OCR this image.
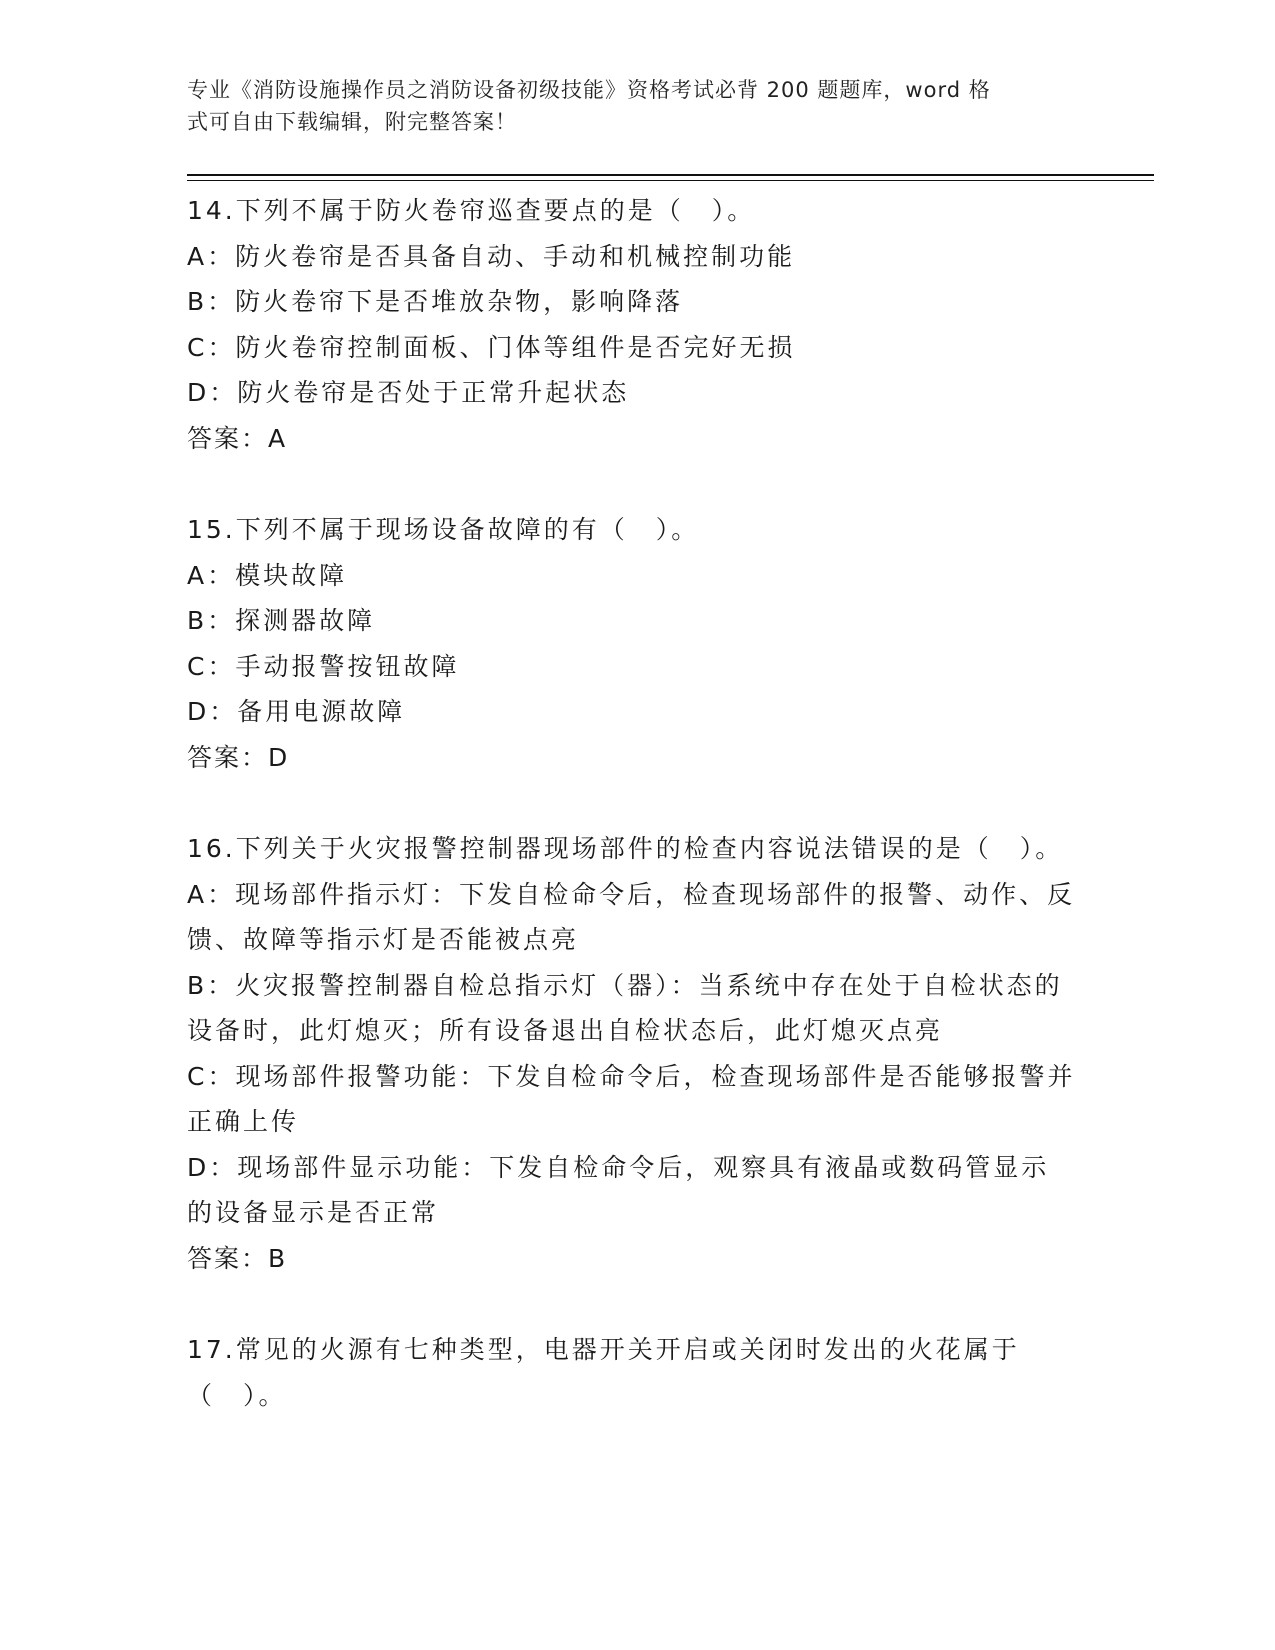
专业《消防设施操作员之消防设备初级技能》资格考试必背 200 题题库，word 格
式可自由下载编辑，附完整答案！

14.下列不属于防火卷帘巡查要点的是（　）。

A：防火卷帘是否具备自动、手动和机械控制功能

B：防火卷帘下是否堆放杂物，影响降落

C：防火卷帘控制面板、门体等组件是否完好无损

D：防火卷帘是否处于正常升起状态

答案：A

15.下列不属于现场设备故障的有（　）。

A：模块故障

B：探测器故障

C：手动报警按钮故障

D：备用电源故障

答案：D

16.下列关于火灾报警控制器现场部件的检查内容说法错误的是（　）。

A：现场部件指示灯：下发自检命令后，检查现场部件的报警、动作、反馈、故障等指示灯是否能被点亮

B：火灾报警控制器自检总指示灯（器）：当系统中存在处于自检状态的设备时，此灯熄灭；所有设备退出自检状态后，此灯熄灭点亮

C：现场部件报警功能：下发自检命令后，检查现场部件是否能够报警并正确上传

D：现场部件显示功能：下发自检命令后，观察具有液晶或数码管显示的设备显示是否正常

答案：B

17.常见的火源有七种类型，电器开关开启或关闭时发出的火花属于（　）。
